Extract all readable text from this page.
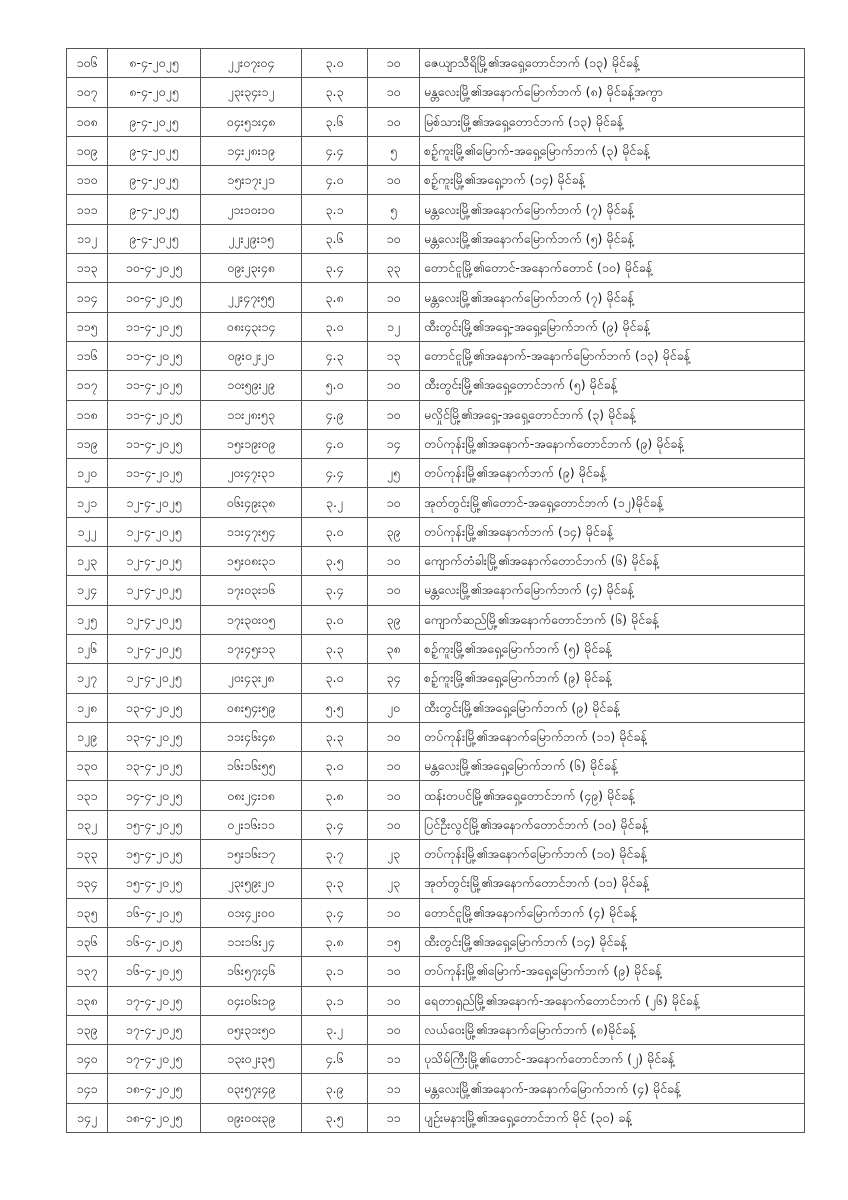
၁၀၆	၈-၄-၂၀၂၅	၂၂း၀၇း၀၄	၃.၀	၁၀	ဇေယျာသီရိမြို့၏အရှေ့တောင်ဘက် (၁၃) မိုင်ခန့်
၁၀၇	၈-၄-၂၀၂၅	၂၃း၃၄း၁၂	၃.၃	၁၀	မန္တလေးမြို့၏အနောက်မြောက်ဘက် (၈) မိုင်ခန့်အကွာ
၁၀၈	၉-၄-၂၀၂၅	၀၄း၅၁း၄၈	၃.၆	၁၀	မြစ်သားမြို့၏အရှေ့တောင်ဘက် (၁၃) မိုင်ခန့်
၁၀၉	၉-၄-၂၀၂၅	၁၄း၂၈း၁၉	၄.၄	၅	စဥ့်ကူးမြို့၏မြောက်-အရှေ့မြောက်ဘက် (၃) မိုင်ခန့်
၁၁၀	၉-၄-၂၀၂၅	၁၅း၁၇း၂၁	၄.၀	၁၀	စဥ့်ကူးမြို့၏အရှေ့ဘက် (၁၄) မိုင်ခန့်
၁၁၁	၉-၄-၂၀၂၅	၂၁း၁၀း၁၀	၃.၁	၅	မန္တလေးမြို့၏အနောက်မြောက်ဘက် (၇) မိုင်ခန့်
၁၁၂	၉-၄-၂၀၂၅	၂၂း၂၉း၁၅	၃.၆	၁၀	မန္တလေးမြို့၏အနောက်မြောက်ဘက် (၅) မိုင်ခန့်
၁၁၃	၁၀-၄-၂၀၂၅	၀၉း၂၃း၄၈	၃.၄	၃၃	တောင်ငူမြို့၏တောင်-အနောက်တောင် (၁၀) မိုင်ခန့်
၁၁၄	၁၀-၄-၂၀၂၅	၂၂း၄၇း၅၅	၃.၈	၁၀	မန္တလေးမြို့၏အနောက်မြောက်ဘက် (၇) မိုင်ခန့်
၁၁၅	၁၁-၄-၂၀၂၅	၀၈း၄၃း၁၄	၃.၀	၁၂	ထီးတွင်းမြို့၏အရှေ့-အရှေ့မြောက်ဘက် (၉) မိုင်ခန့်
၁၁၆	၁၁-၄-၂၀၂၅	၀၉း၀၂း၂၀	၄.၃	၁၃	တောင်ငူမြို့၏အနောက်-အနောက်မြောက်ဘက် (၁၃) မိုင်ခန့်
၁၁၇	၁၁-၄-၂၀၂၅	၁၀း၅၉း၂၉	၅.၀	၁၀	ထီးတွင်းမြို့၏အရှေ့တောင်ဘက် (၅) မိုင်ခန့်
၁၁၈	၁၁-၄-၂၀၂၅	၁၁း၂၈း၅၃	၄.၉	၁၀	မလှိုင်မြို့၏အရှေ့-အရှေ့တောင်ဘက် (၃) မိုင်ခန့်
၁၁၉	၁၁-၄-၂၀၂၅	၁၅း၁၉း၀၉	၄.၀	၁၄	တပ်ကုန်းမြို့၏အနောက်-အနောက်တောင်ဘက် (၉) မိုင်ခန့်
၁၂၀	၁၁-၄-၂၀၂၅	၂၀း၄၇း၃၁	၄.၄	၂၅	တပ်ကုန်းမြို့၏အနောက်ဘက် (၉) မိုင်ခန့်
၁၂၁	၁၂-၄-၂၀၂၅	၀၆း၄၉း၃၈	၃.၂	၁၀	အုတ်တွင်းမြို့၏တောင်-အရှေ့တောင်ဘက် (၁၂)မိုင်ခန့်
၁၂၂	၁၂-၄-၂၀၂၅	၁၁း၄၇း၅၄	၃.၀	၃၉	တပ်ကုန်းမြို့၏အနောက်ဘက် (၁၄) မိုင်ခန့်
၁၂၃	၁၂-၄-၂၀၂၅	၁၅း၀၈း၃၁	၃.၅	၁၀	ကျောက်တံခါးမြို့၏အနောက်တောင်ဘက် (၆) မိုင်ခန့်
၁၂၄	၁၂-၄-၂၀၂၅	၁၇း၀၃း၁၆	၃.၄	၁၀	မန္တလေးမြို့၏အနောက်မြောက်ဘက် (၄) မိုင်ခန့်
၁၂၅	၁၂-၄-၂၀၂၅	၁၇း၃၀း၀၅	၃.၀	၃၉	ကျောက်ဆည်မြို့၏အနောက်တောင်ဘက် (၆) မိုင်ခန့်
၁၂၆	၁၂-၄-၂၀၂၅	၁၇း၄၅း၁၃	၃.၃	၃၈	စဥ့်ကူးမြို့၏အရှေ့မြောက်ဘက် (၅) မိုင်ခန့်
၁၂၇	၁၂-၄-၂၀၂၅	၂၀း၄၃း၂၈	၃.၀	၃၄	စဥ့်ကူးမြို့၏အရှေ့မြောက်ဘက် (၉) မိုင်ခန့်
၁၂၈	၁၃-၄-၂၀၂၅	၀၈း၅၄း၅၉	၅.၅	၂၀	ထီးတွင်းမြို့၏အရှေ့မြောက်ဘက် (၉) မိုင်ခန့်
၁၂၉	၁၃-၄-၂၀၂၅	၁၁း၄၆း၄၈	၃.၃	၁၀	တပ်ကုန်းမြို့၏အနောက်မြောက်ဘက် (၁၁) မိုင်ခန့်
၁၃၀	၁၃-၄-၂၀၂၅	၁၆း၁၆း၅၅	၃.၀	၁၀	မန္တလေးမြို့၏အရှေ့မြောက်ဘက် (၆) မိုင်ခန့်
၁၃၁	၁၄-၄-၂၀၂၅	၀၈း၂၄း၁၈	၃.၈	၁၀	ထန်းတပင်မြို့၏အရှေ့တောင်ဘက် (၄၉) မိုင်ခန့်
၁၃၂	၁၅-၄-၂၀၂၅	၀၂း၁၆း၁၁	၃.၄	၁၀	ပြင်ဦးလွင်မြို့၏အနောက်တောင်ဘက် (၁၀) မိုင်ခန့်
၁၃၃	၁၅-၄-၂၀၂၅	၁၅း၁၆း၁၇	၃.၇	၂၃	တပ်ကုန်းမြို့၏အနောက်မြောက်ဘက် (၁၀) မိုင်ခန့်
၁၃၄	၁၅-၄-၂၀၂၅	၂၃း၅၉း၂၀	၃.၃	၂၃	အုတ်တွင်းမြို့၏အနောက်တောင်ဘက် (၁၁) မိုင်ခန့်
၁၃၅	၁၆-၄-၂၀၂၅	၀၁း၄၂း၀၀	၃.၄	၁၀	တောင်ငူမြို့၏အနောက်မြောက်ဘက် (၄) မိုင်ခန့်
၁၃၆	၁၆-၄-၂၀၂၅	၁၁း၁၆း၂၄	၃.၈	၁၅	ထီးတွင်းမြို့၏အရှေ့မြောက်ဘက် (၁၄) မိုင်ခန့်
၁၃၇	၁၆-၄-၂၀၂၅	၁၆း၅၇း၄၆	၃.၁	၁၀	တပ်ကုန်းမြို့၏မြောက်-အရှေ့မြောက်ဘက် (၉) မိုင်ခန့်
၁၃၈	၁၇-၄-၂၀၂၅	၀၄း၀၆း၁၉	၃.၁	၁၀	ရေတာရှည်မြို့၏အနောက်-အနောက်တောင်ဘက် (၂၆) မိုင်ခန့်
၁၃၉	၁၇-၄-၂၀၂၅	၀၅း၃၁း၅၀	၃.၂	၁၀	လယ်ဝေးမြို့၏အနောက်မြောက်ဘက် (၈)မိုင်ခန့်
၁၄၀	၁၇-၄-၂၀၂၅	၁၃း၀၂း၃၅	၄.၆	၁၁	ပုသိမ်ကြီးမြို့၏တောင်-အနောက်တောင်ဘက် (၂) မိုင်ခန့်
၁၄၁	၁၈-၄-၂၀၂၅	၀၃း၅၇း၄၉	၃.၉	၁၁	မန္တလေးမြို့၏အနောက်-အနောက်မြောက်ဘက် (၄) မိုင်ခန့်
၁၄၂	၁၈-၄-၂၀၂၅	၀၉း၀၀း၃၉	၃.၅	၁၁	ပျဉ်းမနားမြို့၏အရှေ့တောင်ဘက် မိုင် (၃၀) ခန့်
